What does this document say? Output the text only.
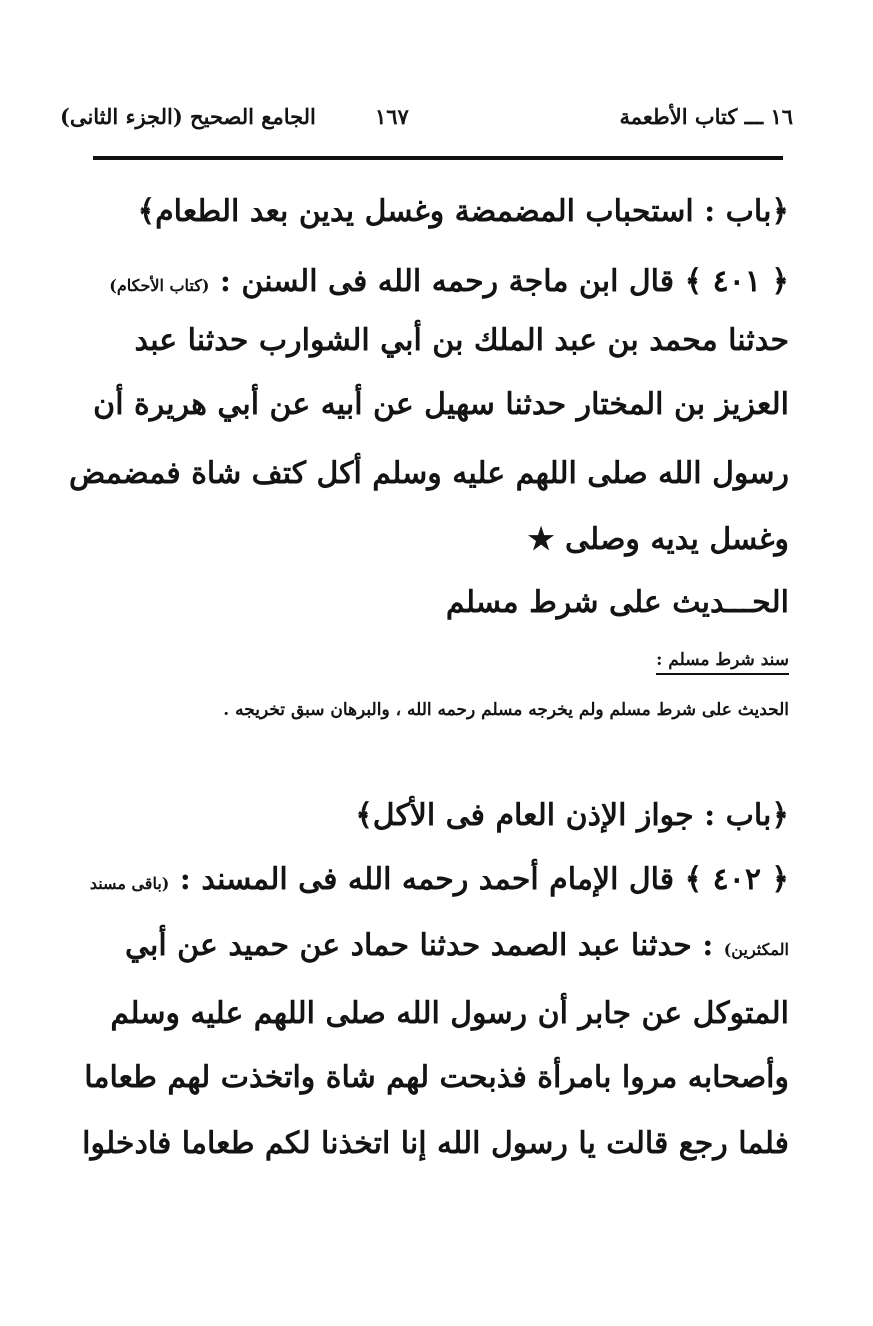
١٦ ـــ كتاب الأطعمة
١٦٧
الجامع الصحيح (الجزء الثانى)
﴿باب : استحباب المضمضة وغسل يدين بعد الطعام﴾
﴿ ٤٠١ ﴾ قال ابن ماجة رحمه الله فى السنن : (كتاب الأحكام)
حدثنا محمد بن عبد الملك بن أبي الشوارب حدثنا عبد
العزيز بن المختار حدثنا سهيل عن أبيه عن أبي هريرة أن
رسول الله صلى اللهم عليه وسلم أكل كتف شاة فمضمض
وغسل يديه وصلى ★
الحـــديث على شرط مسلم
سند شرط مسلم :
الحديث على شرط مسلم ولم يخرجه مسلم رحمه الله ، والبرهان سبق تخريجه .
﴿باب : جواز الإذن العام فى الأكل﴾
﴿ ٤٠٢ ﴾ قال الإمام أحمد رحمه الله فى المسند : (باقى مسند
المكثرين) : حدثنا عبد الصمد حدثنا حماد عن حميد عن أبي
المتوكل عن جابر أن رسول الله صلى اللهم عليه وسلم
وأصحابه مروا بامرأة فذبحت لهم شاة واتخذت لهم طعاما
فلما رجع قالت يا رسول الله إنا اتخذنا لكم طعاما فادخلوا
